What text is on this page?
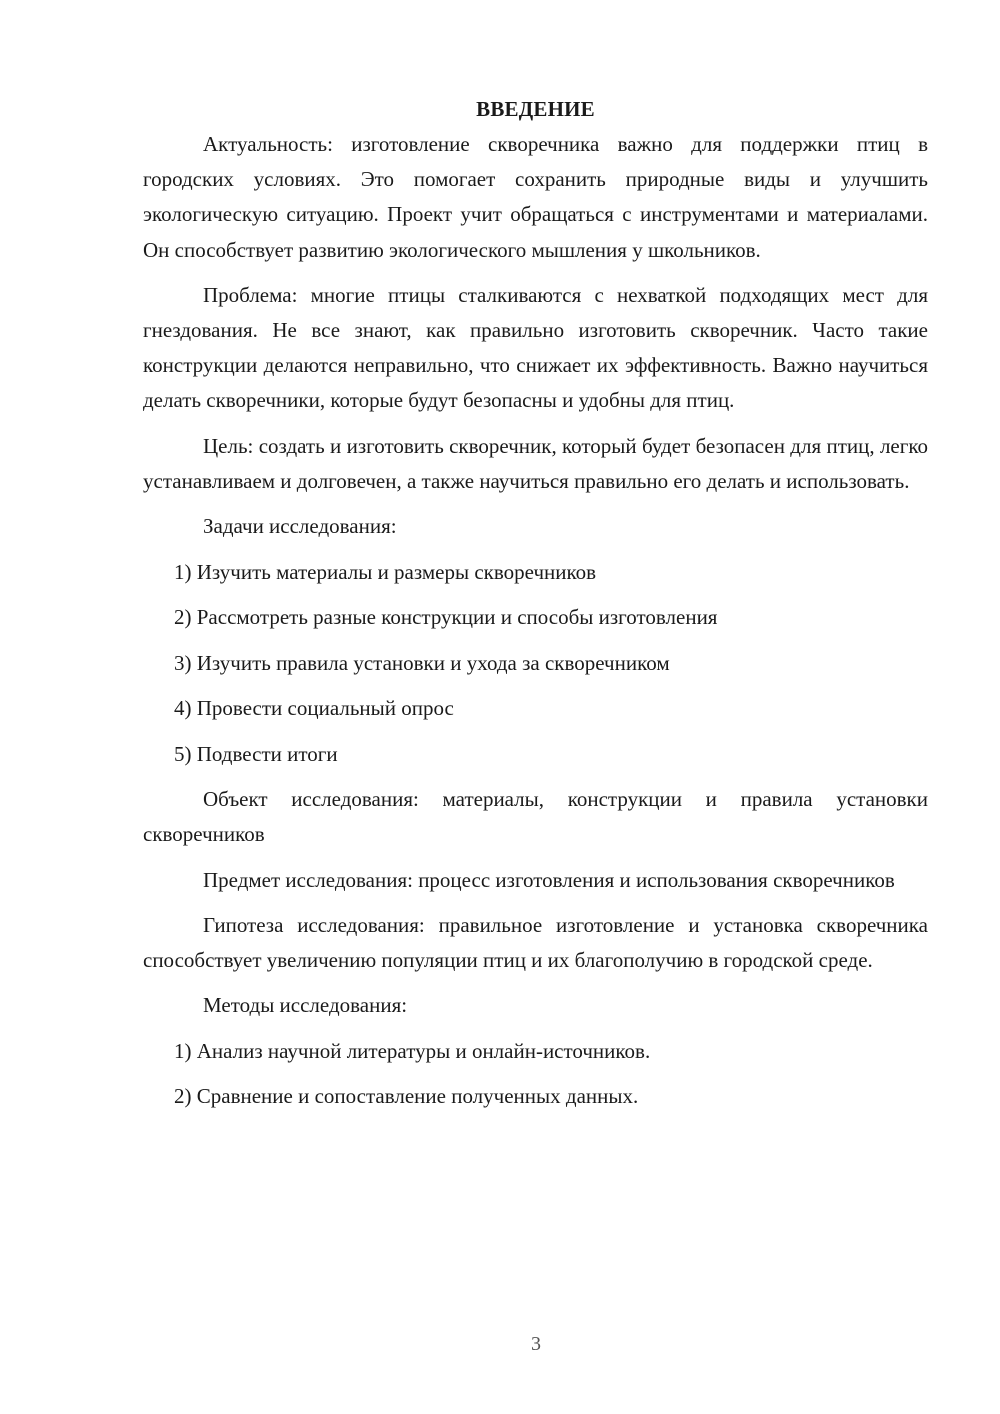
ВВЕДЕНИЕ

Актуальность: изготовление скворечника важно для поддержки птиц в городских условиях. Это помогает сохранить природные виды и улучшить экологическую ситуацию. Проект учит обращаться с инструментами и материалами. Он способствует развитию экологического мышления у школьников.

Проблема: многие птицы сталкиваются с нехваткой подходящих мест для гнездования. Не все знают, как правильно изготовить скворечник. Часто такие конструкции делаются неправильно, что снижает их эффективность. Важно научиться делать скворечники, которые будут безопасны и удобны для птиц.

Цель: создать и изготовить скворечник, который будет безопасен для птиц, легко устанавливаем и долговечен, а также научиться правильно его делать и использовать.

Задачи исследования:

1) Изучить материалы и размеры скворечников

2) Рассмотреть разные конструкции и способы изготовления

3) Изучить правила установки и ухода за скворечником

4) Провести социальный опрос

5) Подвести итоги

Объект исследования: материалы, конструкции и правила установки скворечников

Предмет исследования: процесс изготовления и использования скворечников

Гипотеза исследования: правильное изготовление и установка скворечника способствует увеличению популяции птиц и их благополучию в городской среде.

Методы исследования:

1) Анализ научной литературы и онлайн-источников.

2) Сравнение и сопоставление полученных данных.

3
